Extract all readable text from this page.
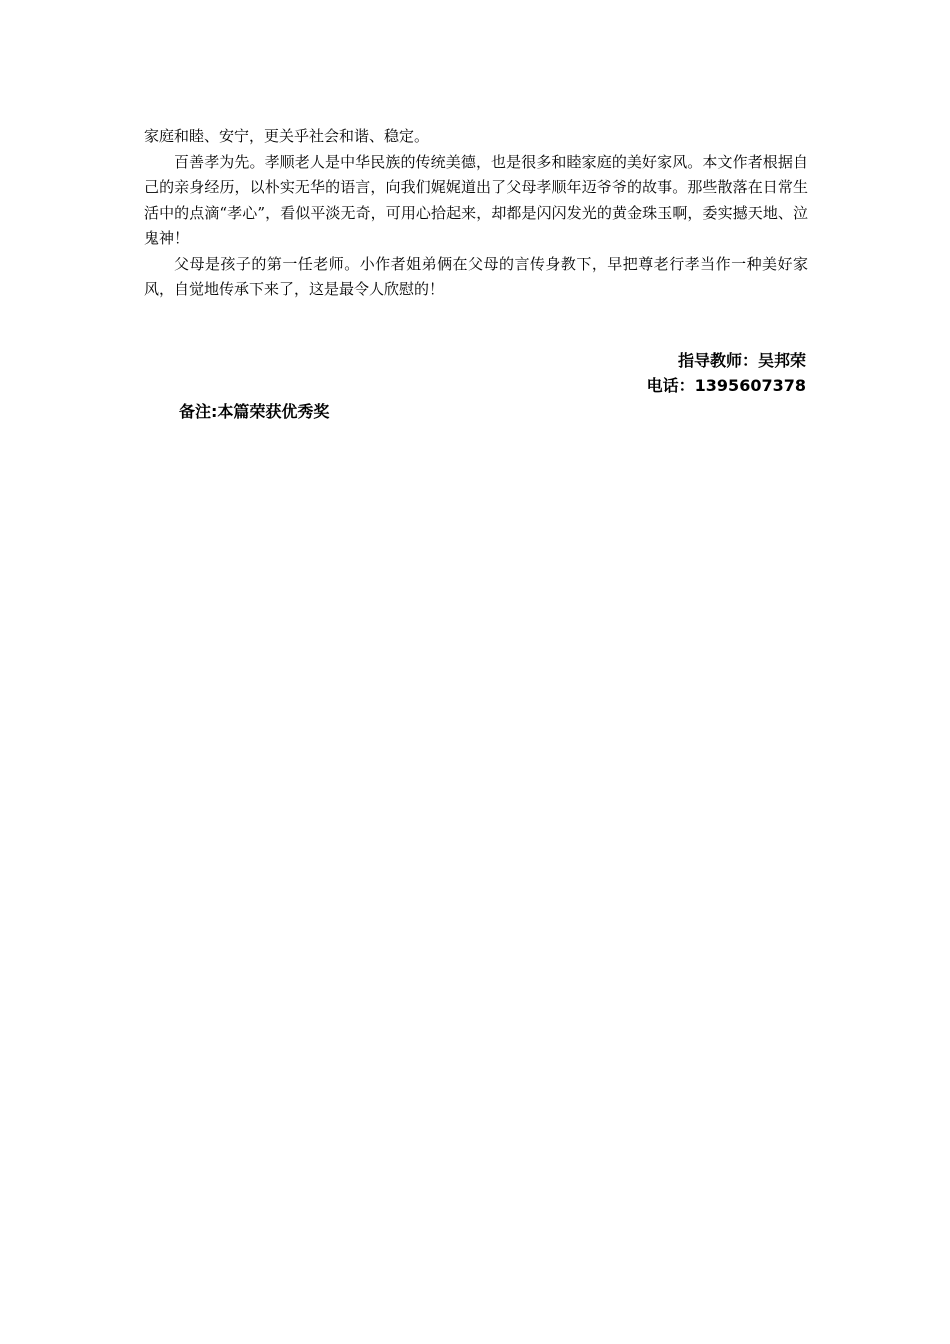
家庭和睦、安宁，更关乎社会和谐、稳定。

百善孝为先。孝顺老人是中华民族的传统美德，也是很多和睦家庭的美好家风。本文作者根据自己的亲身经历，以朴实无华的语言，向我们娓娓道出了父母孝顺年迈爷爷的故事。那些散落在日常生活中的点滴“孝心”，看似平淡无奇，可用心拾起来，却都是闪闪发光的黄金珠玉啊，委实撼天地、泣鬼神！

父母是孩子的第一任老师。小作者姐弟俩在父母的言传身教下，早把尊老行孝当作一种美好家风，自觉地传承下来了，这是最令人欣慰的！

指导教师：吴邦荣
电话：1395607378
备注:本篇荣获优秀奖
